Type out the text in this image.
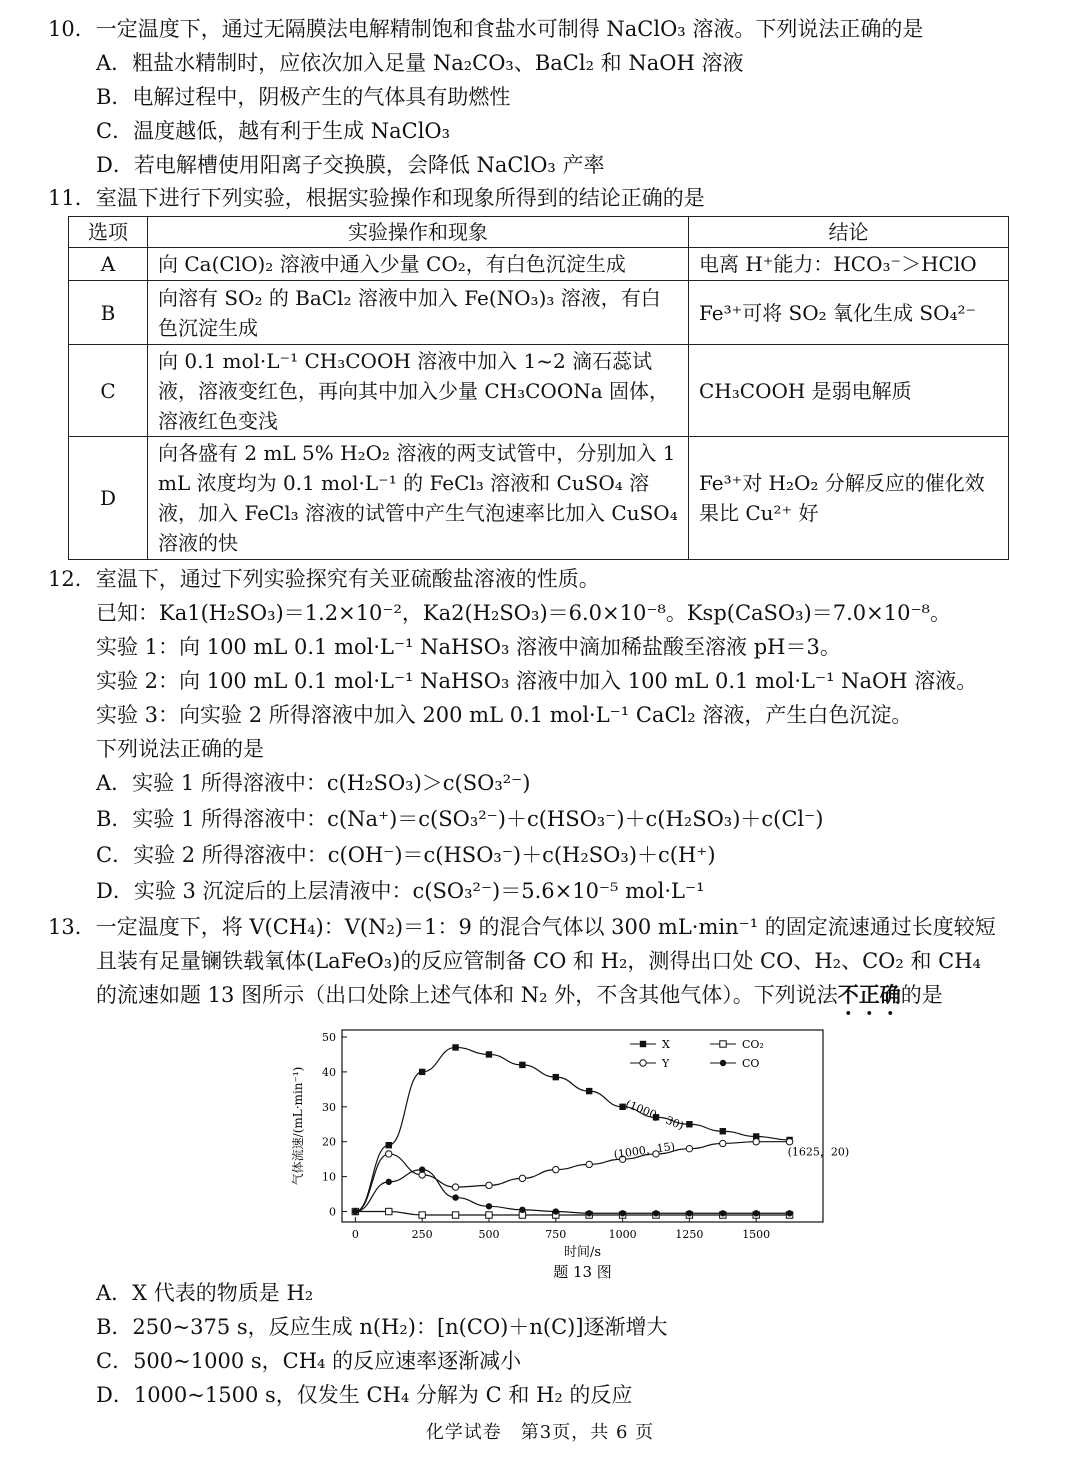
10．一定温度下，通过无隔膜法电解精制饱和食盐水可制得 NaClO₃ 溶液。下列说法正确的是
A．粗盐水精制时，应依次加入足量 Na₂CO₃、BaCl₂ 和 NaOH 溶液
B．电解过程中，阴极产生的气体具有助燃性
C．温度越低，越有利于生成 NaClO₃
D．若电解槽使用阳离子交换膜，会降低 NaClO₃ 产率
11．室温下进行下列实验，根据实验操作和现象所得到的结论正确的是
选项	实验操作和现象	结论
A	向 Ca(ClO)₂ 溶液中通入少量 CO₂，有白色沉淀生成	电离 H⁺能力：HCO₃⁻＞HClO
B	向溶有 SO₂ 的 BaCl₂ 溶液中加入 Fe(NO₃)₃ 溶液，有白色沉淀生成	Fe³⁺可将 SO₂ 氧化生成 SO₄²⁻
C	向 0.1 mol·L⁻¹ CH₃COOH 溶液中加入 1~2 滴石蕊试液，溶液变红色，再向其中加入少量 CH₃COONa 固体，溶液红色变浅	CH₃COOH 是弱电解质
D	向各盛有 2 mL 5% H₂O₂ 溶液的两支试管中，分别加入 1 mL 浓度均为 0.1 mol·L⁻¹ 的 FeCl₃ 溶液和 CuSO₄ 溶液，加入 FeCl₃ 溶液的试管中产生气泡速率比加入 CuSO₄ 溶液的快	Fe³⁺对 H₂O₂ 分解反应的催化效果比 Cu²⁺ 好
12．室温下，通过下列实验探究有关亚硫酸盐溶液的性质。
已知：Ka1(H₂SO₃)＝1.2×10⁻²，Ka2(H₂SO₃)＝6.0×10⁻⁸。Ksp(CaSO₃)＝7.0×10⁻⁸。
实验 1：向 100 mL 0.1 mol·L⁻¹ NaHSO₃ 溶液中滴加稀盐酸至溶液 pH＝3。
实验 2：向 100 mL 0.1 mol·L⁻¹ NaHSO₃ 溶液中加入 100 mL 0.1 mol·L⁻¹ NaOH 溶液。
实验 3：向实验 2 所得溶液中加入 200 mL 0.1 mol·L⁻¹ CaCl₂ 溶液，产生白色沉淀。
下列说法正确的是
A．实验 1 所得溶液中：c(H₂SO₃)＞c(SO₃²⁻)
B．实验 1 所得溶液中：c(Na⁺)＝c(SO₃²⁻)＋c(HSO₃⁻)＋c(H₂SO₃)＋c(Cl⁻)
C．实验 2 所得溶液中：c(OH⁻)＝c(HSO₃⁻)＋c(H₂SO₃)＋c(H⁺)
D．实验 3 沉淀后的上层清液中：c(SO₃²⁻)＝5.6×10⁻⁵ mol·L⁻¹
13．一定温度下，将 V(CH₄)：V(N₂)＝1：9 的混合气体以 300 mL·min⁻¹ 的固定流速通过长度较短
且装有足量镧铁载氧体(LaFeO₃)的反应管制备 CO 和 H₂，测得出口处 CO、H₂、CO₂ 和 CH₄
的流速如题 13 图所示（出口处除上述气体和 N₂ 外，不含其他气体）。下列说法不正确的是
0	250	500	750	1000	1250	1500
0
10
20
30
40
50
时间/s
气体流速/(mL·min⁻¹)
题 13 图
X
Y
CO₂
CO
(1000，30)
(1000，15)	(1625，20)
A．X 代表的物质是 H₂
B．250~375 s，反应生成 n(H₂)：[n(CO)＋n(C)]逐渐增大
C．500~1000 s，CH₄ 的反应速率逐渐减小
D．1000~1500 s，仅发生 CH₄ 分解为 C 和 H₂ 的反应
化学试卷　第3页，共 6 页
